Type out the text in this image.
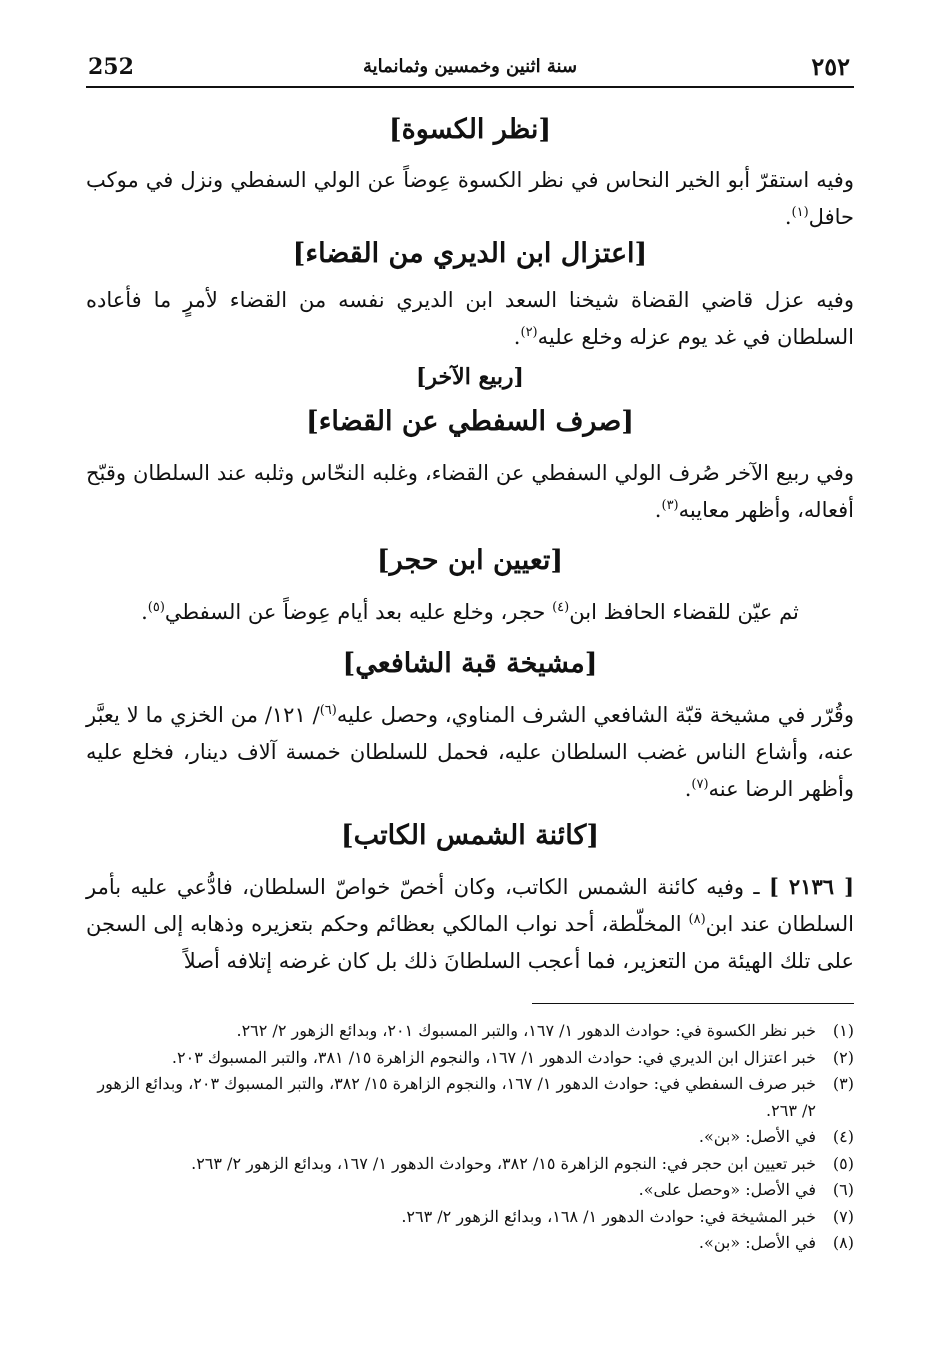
252	سنة اثنين وخمسين وثمانماية	٢٥٢
[نظر الكسوة]
وفيه استقرّ أبو الخير النحاس في نظر الكسوة عِوضاً عن الولي السفطي ونزل في موكب حافل$^{(١)}$.
[اعتزال ابن الديري من القضاء]
وفيه عزل قاضي القضاة شيخنا السعد ابن الديري نفسه من القضاء لأمرٍ ما فأعاده السلطان في غد يوم عزله وخلع عليه$^{(٢)}$.
[ربيع الآخر]
[صرف السفطي عن القضاء]
وفي ربيع الآخر صُرف الولي السفطي عن القضاء، وغلبه النحّاس وثلبه عند السلطان وقبّح أفعاله، وأظهر معايبه$^{(٣)}$.
[تعيين ابن حجر]
ثم عيّن للقضاء الحافظ ابن$^{(٤)}$ حجر، وخلع عليه بعد أيام عِوضاً عن السفطي$^{(٥)}$.
[مشيخة قبة الشافعي]
وقُرّر في مشيخة قبّة الشافعي الشرف المناوي، وحصل عليه$^{(٦)}$/ ١٢١/ من الخزي ما لا يعبَّر عنه، وأشاع الناس غضب السلطان عليه، فحمل للسلطان خمسة آلاف دينار، فخلع عليه وأظهر الرضا عنه$^{(٧)}$.
[كائنة الشمس الكاتب]
[ ٢١٣٦ ] ـ وفيه كائنة الشمس الكاتب، وكان أخصّ خواصّ السلطان، فادُّعي عليه بأمر السلطان عند ابن$^{(٨)}$ المخلّطة، أحد نواب المالكي بعظائم وحكم بتعزيره وذهابه إلى السجن على تلك الهيئة من التعزير، فما أعجب السلطانَ ذلك بل كان غرضه إتلافه أصلاً
(١)
خبر نظر الكسوة في: حوادث الدهور ١/ ١٦٧، والتبر المسبوك ٢٠١، وبدائع الزهور ٢/ ٢٦٢.
(٢)
خبر اعتزال ابن الديري في: حوادث الدهور ١/ ١٦٧، والنجوم الزاهرة ١٥/ ٣٨١، والتبر المسبوك ٢٠٣.
(٣)
خبر صرف السفطي في: حوادث الدهور ١/ ١٦٧، والنجوم الزاهرة ١٥/ ٣٨٢، والتبر المسبوك ٢٠٣، وبدائع الزهور ٢/ ٢٦٣.
(٤)
في الأصل: «بن».
(٥)
خبر تعيين ابن حجر في: النجوم الزاهرة ١٥/ ٣٨٢، وحوادث الدهور ١/ ١٦٧، وبدائع الزهور ٢/ ٢٦٣.
(٦)
في الأصل: «وحصل على».
(٧)
خبر المشيخة في: حوادث الدهور ١/ ١٦٨، وبدائع الزهور ٢/ ٢٦٣.
(٨)
في الأصل: «بن».
